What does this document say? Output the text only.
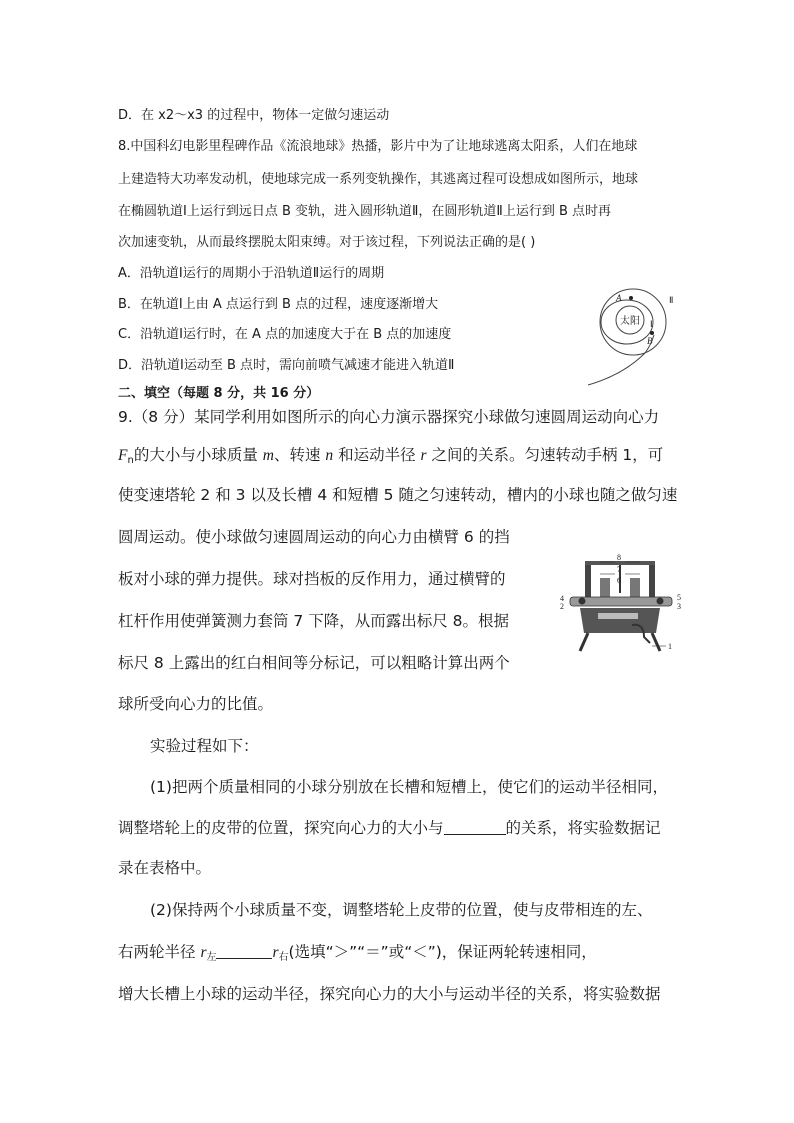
D．在 x2～x3 的过程中，物体一定做匀速运动
8.中国科幻电影里程碑作品《流浪地球》热播，影片中为了让地球逃离太阳系，人们在地球
上建造特大功率发动机，使地球完成一系列变轨操作，其逃离过程可设想成如图所示，地球
在椭圆轨道Ⅰ上运行到远日点 B 变轨，进入圆形轨道Ⅱ，在圆形轨道Ⅱ上运行到 B 点时再
次加速变轨，从而最终摆脱太阳束缚。对于该过程，下列说法正确的是( )
A．沿轨道Ⅰ运行的周期小于沿轨道Ⅱ运行的周期
B．在轨道Ⅰ上由 A 点运行到 B 点的过程，速度逐渐增大
C．沿轨道Ⅰ运行时，在 A 点的加速度大于在 B 点的加速度
D．沿轨道Ⅰ运动至 B 点时，需向前喷气减速才能进入轨道Ⅱ
太阳
A
B
Ⅰ
Ⅱ
二、填空（每题 8 分，共 16 分）
9.（8 分）某同学利用如图所示的向心力演示器探究小球做匀速圆周运动向心力
$F_n$的大小与小球质量 m、转速 n 和运动半径 r 之间的关系。匀速转动手柄 1，可
使变速塔轮 2 和 3 以及长槽 4 和短槽 5 随之匀速转动，槽内的小球也随之做匀速
圆周运动。使小球做匀速圆周运动的向心力由横臂 6 的挡
板对小球的弹力提供。球对挡板的反作用力，通过横臂的
杠杆作用使弹簧测力套筒 7 下降，从而露出标尺 8。根据
标尺 8 上露出的红白相间等分标记，可以粗略计算出两个
球所受向心力的比值。
8
7
6
4
2
5
3
1
实验过程如下：
(1)把两个质量相同的小球分别放在长槽和短槽上，使它们的运动半径相同，
调整塔轮上的皮带的位置，探究向心力的大小与	的关系，将实验数据记
录在表格中。
(2)保持两个小球质量不变，调整塔轮上皮带的位置，使与皮带相连的左、
右两轮半径 $r_左$	$r_右$(选填“＞”“＝”或“＜”)，保证两轮转速相同，
增大长槽上小球的运动半径，探究向心力的大小与运动半径的关系，将实验数据
